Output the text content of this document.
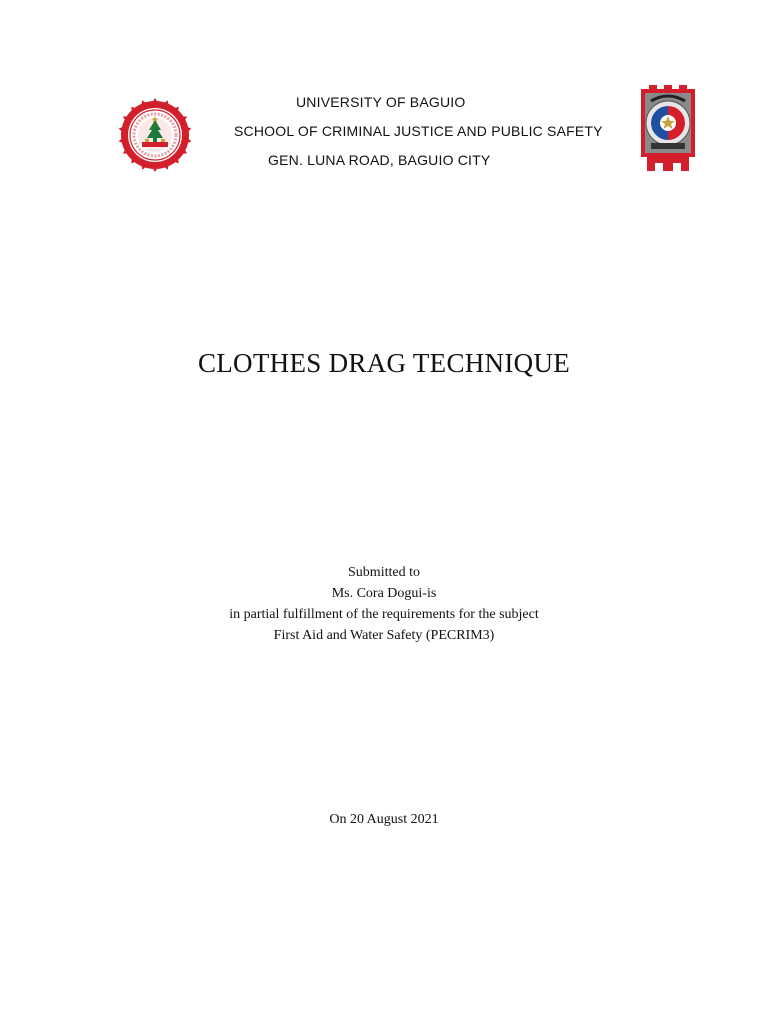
UNIVERSITY OF BAGUIO
SCHOOL OF CRIMINAL JUSTICE AND PUBLIC SAFETY
GEN. LUNA ROAD, BAGUIO CITY
CLOTHES DRAG TECHNIQUE
Submitted to
Ms. Cora Dogui-is
in partial fulfillment of the requirements for the subject
First Aid and Water Safety (PECRIM3)
On 20 August 2021
